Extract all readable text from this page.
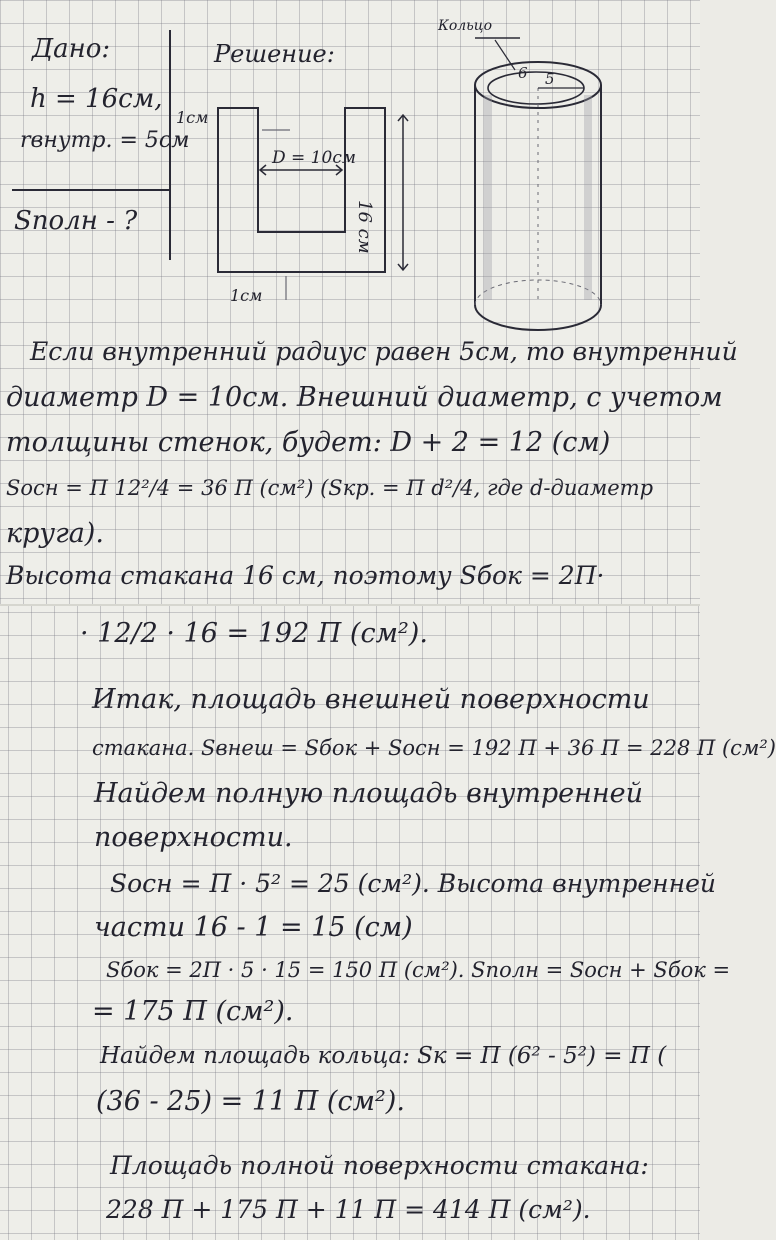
Дано:
h = 16см,
rвнутр. = 5см
Sполн - ?
Решение:
1см
D = 10см
16 см
1см
Кольцо
6 5
Если внутренний радиус равен 5см, то внутренний
диаметр D = 10см. Внешний диаметр, с учетом
толщины стенок, будет: D + 2 = 12 (см)
Sосн = П 12²/4 = 36 П (см²) (Sкр. = П d²/4, где d-диаметр
круга).
Высота стакана 16 см, поэтому Sбок = 2П·
· 12/2 · 16 = 192 П (см²).
Итак, площадь внешней поверхности
стакана. Sвнеш = Sбок + Sосн = 192 П + 36 П = 228 П (см²)
Найдем полную площадь внутренней
поверхности.
Sосн = П · 5² = 25 (см²). Высота внутренней
части 16 - 1 = 15 (см)
Sбок = 2П · 5 · 15 = 150 П (см²). Sполн = Sосн + Sбок =
= 175 П (см²).
Найдем площадь кольца: Sк = П (6² - 5²) = П (
(36 - 25) = 11 П (см²).
Площадь полной поверхности стакана:
228 П + 175 П + 11 П = 414 П (см²).
